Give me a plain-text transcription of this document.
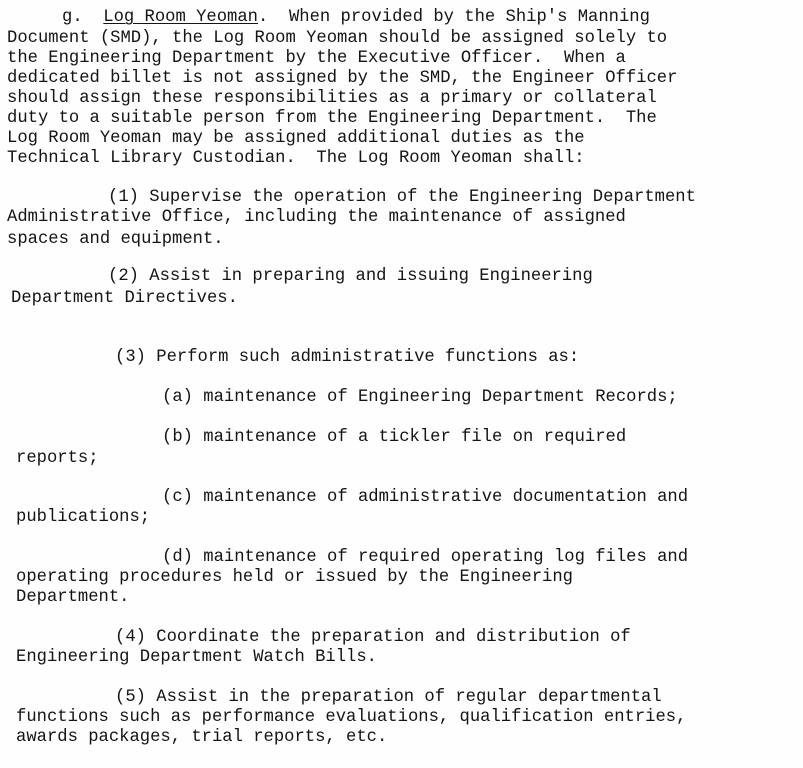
g. Log Room Yeoman.  When provided by the Ship's Manning
Document (SMD), the Log Room Yeoman should be assigned solely to
the Engineering Department by the Executive Officer.  When a
dedicated billet is not assigned by the SMD, the Engineer Officer
should assign these responsibilities as a primary or collateral
duty to a suitable person from the Engineering Department.  The
Log Room Yeoman may be assigned additional duties as the
Technical Library Custodian.  The Log Room Yeoman shall:
(1) Supervise the operation of the Engineering Department
Administrative Office, including the maintenance of assigned
spaces and equipment.
(2) Assist in preparing and issuing Engineering
Department Directives.
(3) Perform such administrative functions as:
(a) maintenance of Engineering Department Records;
(b) maintenance of a tickler file on required
reports;
(c) maintenance of administrative documentation and
publications;
(d) maintenance of required operating log files and
operating procedures held or issued by the Engineering
Department.
(4) Coordinate the preparation and distribution of
Engineering Department Watch Bills.
(5) Assist in the preparation of regular departmental
functions such as performance evaluations, qualification entries,
awards packages, trial reports, etc.
